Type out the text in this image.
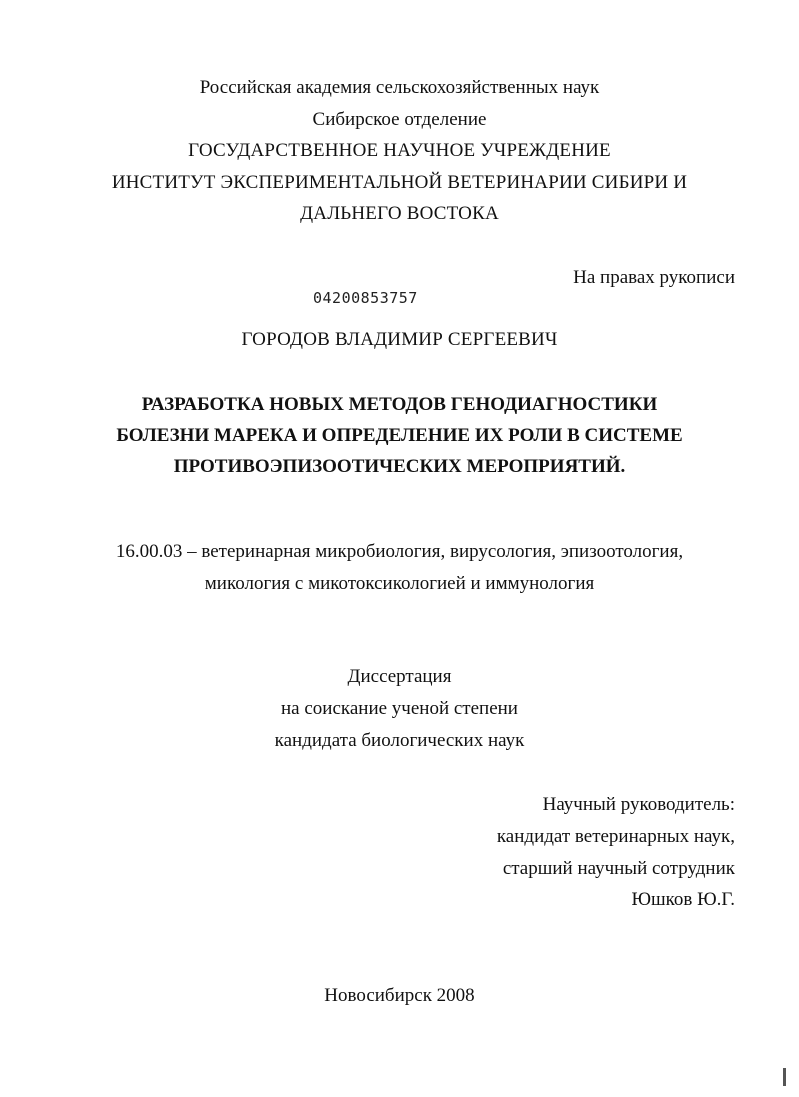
Российская академия сельскохозяйственных наук
Сибирское отделение
ГОСУДАРСТВЕННОЕ НАУЧНОЕ УЧРЕЖДЕНИЕ
ИНСТИТУТ ЭКСПЕРИМЕНТАЛЬНОЙ ВЕТЕРИНАРИИ СИБИРИ И
ДАЛЬНЕГО ВОСТОКА
На правах рукописи
04200853757
ГОРОДОВ ВЛАДИМИР СЕРГЕЕВИЧ
РАЗРАБОТКА НОВЫХ МЕТОДОВ ГЕНОДИАГНОСТИКИ
БОЛЕЗНИ МАРЕКА И ОПРЕДЕЛЕНИЕ ИХ РОЛИ В СИСТЕМЕ
ПРОТИВОЭПИЗООТИЧЕСКИХ МЕРОПРИЯТИЙ.
16.00.03 – ветеринарная микробиология, вирусология, эпизоотология,
микология с микотоксикологией и иммунология
Диссертация
на соискание ученой степени
кандидата биологических наук
Научный руководитель:
кандидат ветеринарных наук,
старший научный сотрудник
Юшков Ю.Г.
Новосибирск 2008
